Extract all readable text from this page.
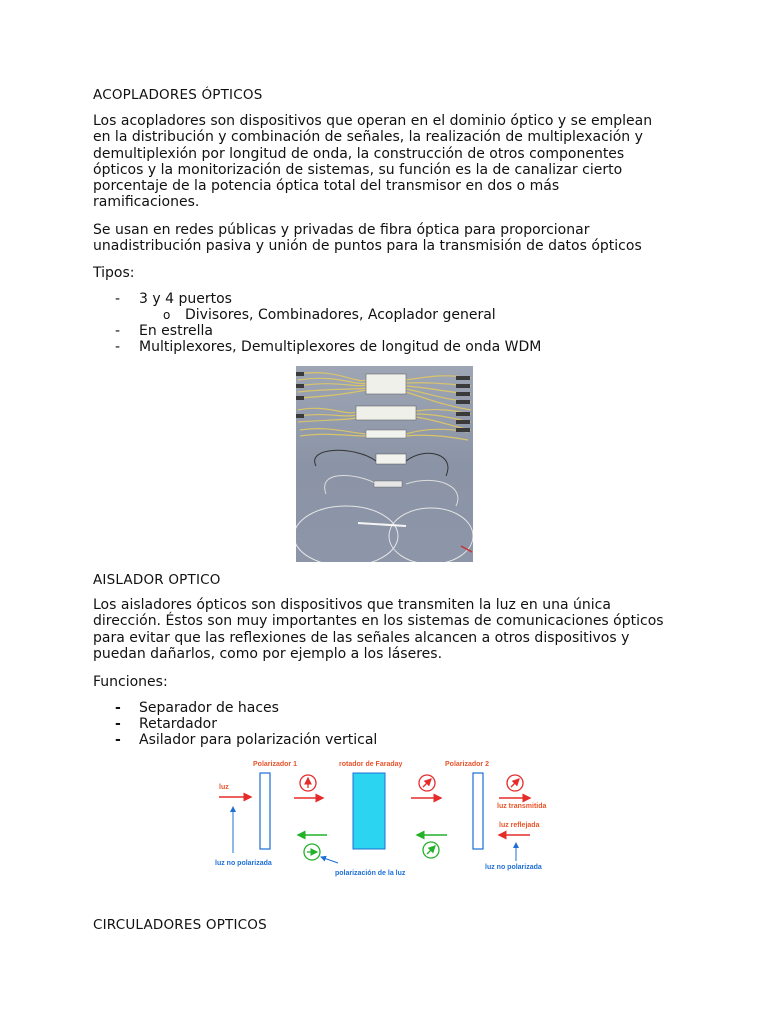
ACOPLADORES ÓPTICOS
Los acopladores son dispositivos que operan en el dominio óptico y se emplean
en la distribución y combinación de señales, la realización de multiplexación y
demultiplexión por longitud de onda, la construcción de otros componentes
ópticos y la monitorización de sistemas, su función es la de canalizar cierto
porcentaje de la potencia óptica total del transmisor en dos o más
ramificaciones.
Se usan en redes públicas y privadas de fibra óptica para proporcionar
unadistribución pasiva y unión de puntos para la transmisión de datos ópticos
Tipos:
- 3 y 4 puertos
o Divisores, Combinadores, Acoplador general
- En estrella
- Multiplexores, Demultiplexores de longitud de onda WDM
AISLADOR OPTICO
Los aisladores ópticos son dispositivos que transmiten la luz en una única
dirección. Éstos son muy importantes en los sistemas de comunicaciones ópticos
para evitar que las reflexiones de las señales alcancen a otros dispositivos y
puedan dañarlos, como por ejemplo a los láseres.
Funciones:
- Separador de haces
- Retardador
- Asilador para polarización vertical
Polarizador 1	rotador de Faraday	Polarizador 2
luz
luz no polarizada
polarización de la luz
luz transmitida
luz reflejada
luz no polarizada
CIRCULADORES OPTICOS
